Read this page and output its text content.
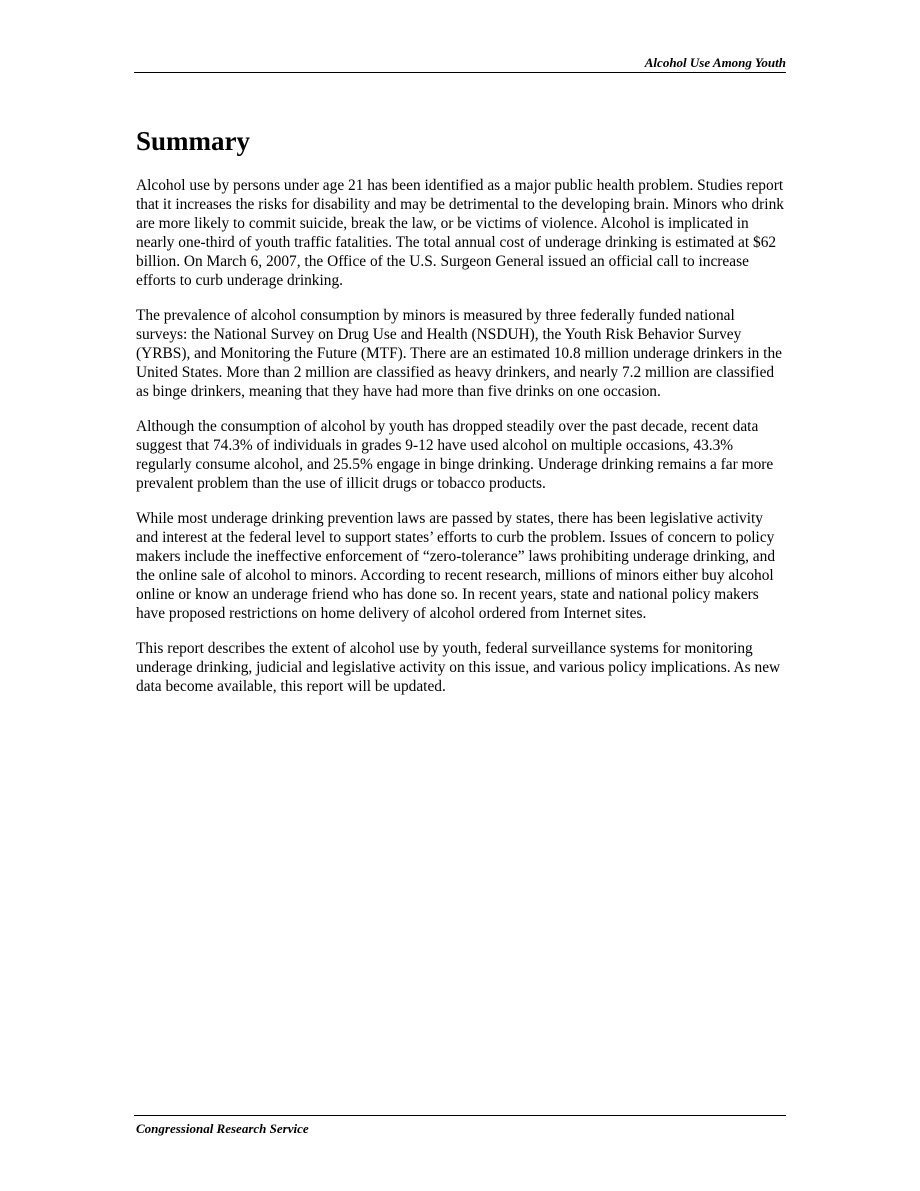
Alcohol Use Among Youth
Summary

Alcohol use by persons under age 21 has been identified as a major public health problem. Studies report that it increases the risks for disability and may be detrimental to the developing brain. Minors who drink are more likely to commit suicide, break the law, or be victims of violence. Alcohol is implicated in nearly one-third of youth traffic fatalities. The total annual cost of underage drinking is estimated at $62 billion. On March 6, 2007, the Office of the U.S. Surgeon General issued an official call to increase efforts to curb underage drinking.

The prevalence of alcohol consumption by minors is measured by three federally funded national surveys: the National Survey on Drug Use and Health (NSDUH), the Youth Risk Behavior Survey (YRBS), and Monitoring the Future (MTF). There are an estimated 10.8 million underage drinkers in the United States. More than 2 million are classified as heavy drinkers, and nearly 7.2 million are classified as binge drinkers, meaning that they have had more than five drinks on one occasion.

Although the consumption of alcohol by youth has dropped steadily over the past decade, recent data suggest that 74.3% of individuals in grades 9-12 have used alcohol on multiple occasions, 43.3% regularly consume alcohol, and 25.5% engage in binge drinking. Underage drinking remains a far more prevalent problem than the use of illicit drugs or tobacco products.

While most underage drinking prevention laws are passed by states, there has been legislative activity and interest at the federal level to support states’ efforts to curb the problem. Issues of concern to policy makers include the ineffective enforcement of “zero-tolerance” laws prohibiting underage drinking, and the online sale of alcohol to minors. According to recent research, millions of minors either buy alcohol online or know an underage friend who has done so. In recent years, state and national policy makers have proposed restrictions on home delivery of alcohol ordered from Internet sites.

This report describes the extent of alcohol use by youth, federal surveillance systems for monitoring underage drinking, judicial and legislative activity on this issue, and various policy implications. As new data become available, this report will be updated.

Congressional Research Service
